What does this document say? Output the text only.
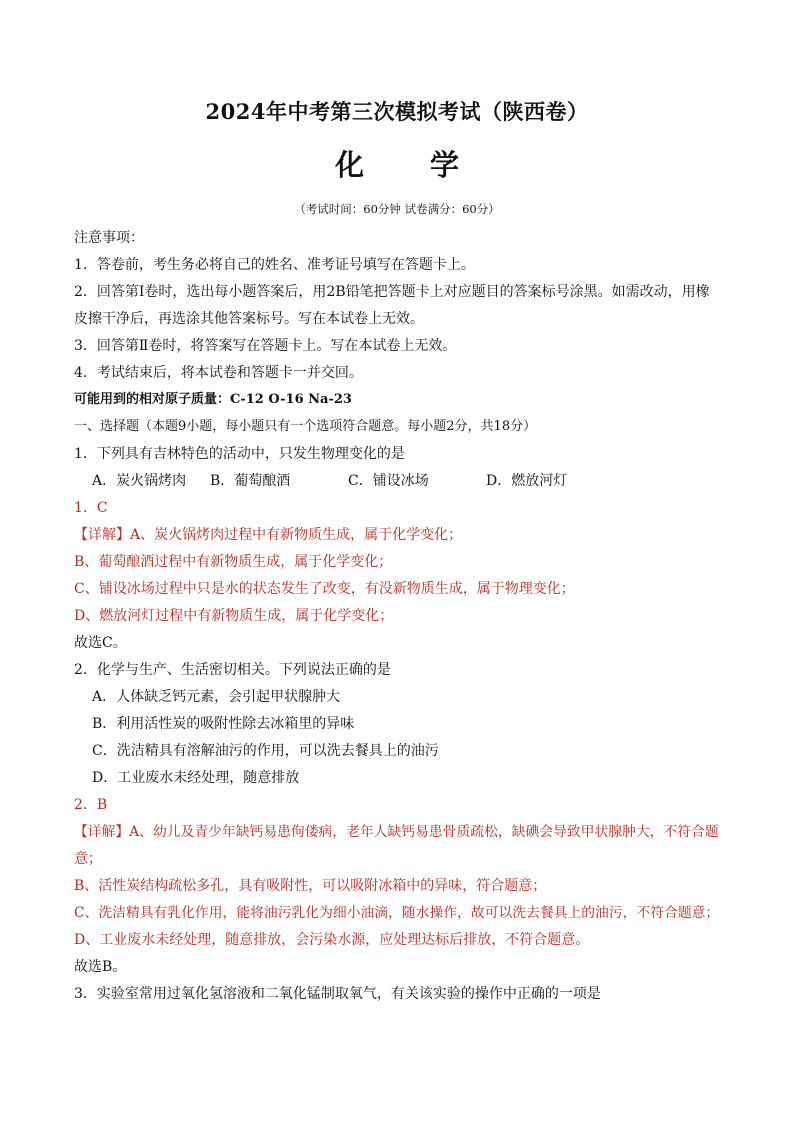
2024年中考第三次模拟考试（陕西卷）
化 学
（考试时间：60分钟 试卷满分：60分）
注意事项：
1．答卷前，考生务必将自己的姓名、准考证号填写在答题卡上。
2．回答第Ⅰ卷时，选出每小题答案后，用2B铅笔把答题卡上对应题目的答案标号涂黑。如需改动，用橡
皮擦干净后，再选涂其他答案标号。写在本试卷上无效。
3．回答第Ⅱ卷时，将答案写在答题卡上。写在本试卷上无效。
4．考试结束后，将本试卷和答题卡一并交回。
可能用到的相对原子质量：C-12 O-16 Na-23
一、选择题（本题9小题，每小题只有一个选项符合题意。每小题2分，共18分）
1．下列具有吉林特色的活动中，只发生物理变化的是
A．炭火锅烤肉 B．葡萄酿酒	C．铺设冰场	D．燃放河灯
1．C
【详解】A、炭火锅烤肉过程中有新物质生成，属于化学变化；
B、葡萄酿酒过程中有新物质生成，属于化学变化；
C、铺设冰场过程中只是水的状态发生了改变，有没新物质生成，属于物理变化；
D、燃放河灯过程中有新物质生成，属于化学变化；
故选C。
2．化学与生产、生活密切相关。下列说法正确的是
A．人体缺乏钙元素，会引起甲状腺肿大
B．利用活性炭的吸附性除去冰箱里的异味
C．洗洁精具有溶解油污的作用，可以洗去餐具上的油污
D．工业废水未经处理，随意排放
2．B
【详解】A、幼儿及青少年缺钙易患佝偻病，老年人缺钙易患骨质疏松，缺碘会导致甲状腺肿大，不符合题
意；
B、活性炭结构疏松多孔，具有吸附性，可以吸附冰箱中的异味，符合题意；
C、洗洁精具有乳化作用，能将油污乳化为细小油滴，随水操作，故可以洗去餐具上的油污，不符合题意；
D、工业废水未经处理，随意排放，会污染水源，应处理达标后排放，不符合题意。
故选B。
3．实验室常用过氧化氢溶液和二氧化锰制取氧气，有关该实验的操作中正确的一项是
